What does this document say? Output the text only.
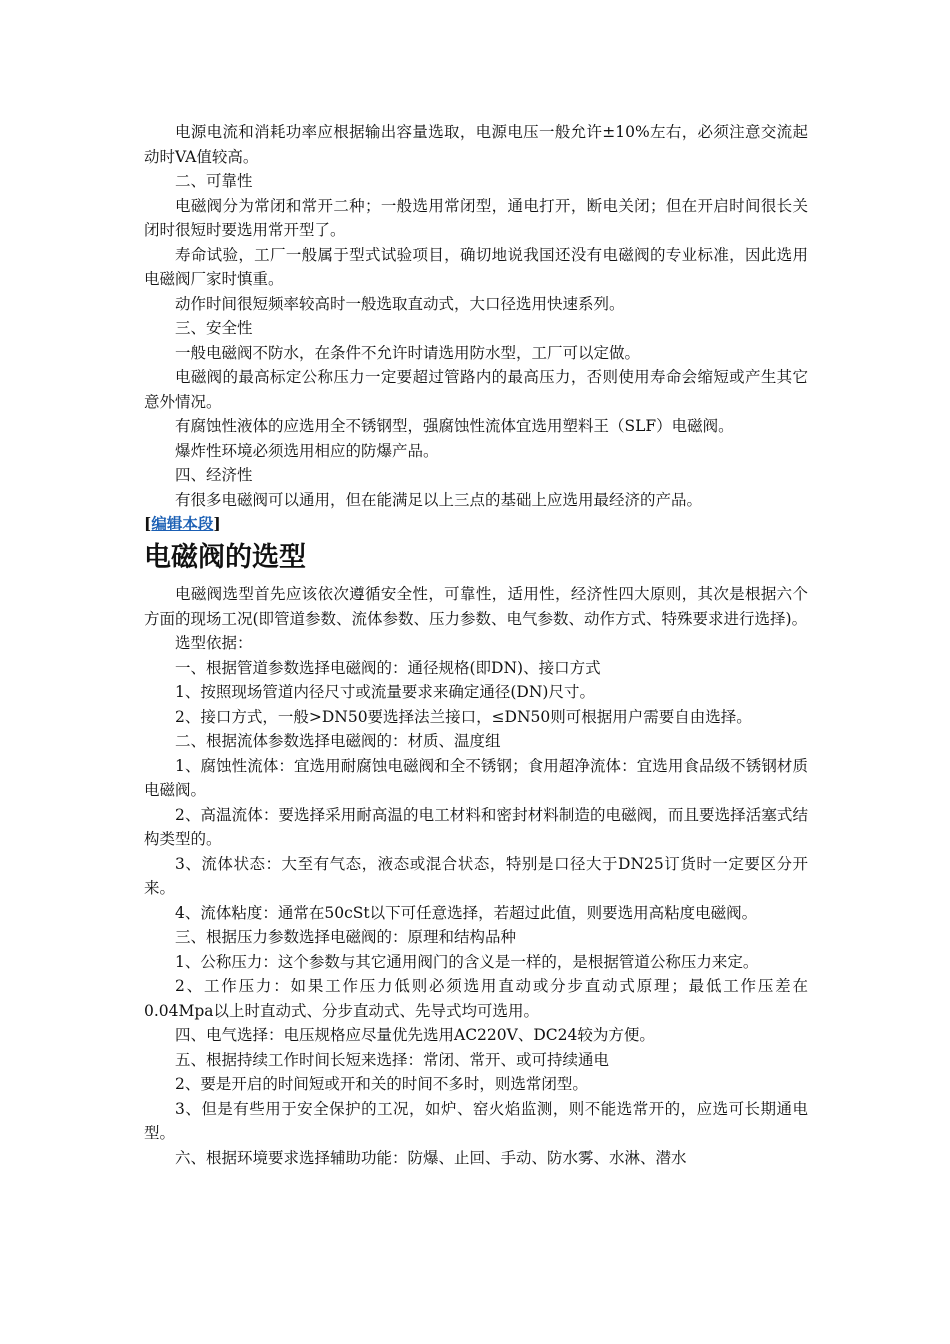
电源电流和消耗功率应根据输出容量选取，电源电压一般允许±10%左右，必须注意交流起动时VA值较高。

二、可靠性

电磁阀分为常闭和常开二种；一般选用常闭型，通电打开，断电关闭；但在开启时间很长关闭时很短时要选用常开型了。

寿命试验，工厂一般属于型式试验项目，确切地说我国还没有电磁阀的专业标准，因此选用电磁阀厂家时慎重。

动作时间很短频率较高时一般选取直动式，大口径选用快速系列。

三、安全性

一般电磁阀不防水，在条件不允许时请选用防水型，工厂可以定做。

电磁阀的最高标定公称压力一定要超过管路内的最高压力，否则使用寿命会缩短或产生其它意外情况。

有腐蚀性液体的应选用全不锈钢型，强腐蚀性流体宜选用塑料王（SLF）电磁阀。

爆炸性环境必须选用相应的防爆产品。

四、经济性

有很多电磁阀可以通用，但在能满足以上三点的基础上应选用最经济的产品。

[编辑本段]

电磁阀的选型

电磁阀选型首先应该依次遵循安全性，可靠性，适用性，经济性四大原则，其次是根据六个方面的现场工况(即管道参数、流体参数、压力参数、电气参数、动作方式、特殊要求进行选择)。

选型依据：

一、根据管道参数选择电磁阀的：通径规格(即DN)、接口方式

1、按照现场管道内径尺寸或流量要求来确定通径(DN)尺寸。

2、接口方式，一般>DN50要选择法兰接口，≤DN50则可根据用户需要自由选择。

二、根据流体参数选择电磁阀的：材质、温度组

1、腐蚀性流体：宜选用耐腐蚀电磁阀和全不锈钢；食用超净流体：宜选用食品级不锈钢材质电磁阀。

2、高温流体：要选择采用耐高温的电工材料和密封材料制造的电磁阀，而且要选择活塞式结构类型的。

3、流体状态：大至有气态，液态或混合状态，特别是口径大于DN25订货时一定要区分开来。

4、流体粘度：通常在50cSt以下可任意选择，若超过此值，则要选用高粘度电磁阀。

三、根据压力参数选择电磁阀的：原理和结构品种

1、公称压力：这个参数与其它通用阀门的含义是一样的，是根据管道公称压力来定。

2、工作压力：如果工作压力低则必须选用直动或分步直动式原理；最低工作压差在0.04Mpa以上时直动式、分步直动式、先导式均可选用。

四、电气选择：电压规格应尽量优先选用AC220V、DC24较为方便。

五、根据持续工作时间长短来选择：常闭、常开、或可持续通电

2、要是开启的时间短或开和关的时间不多时，则选常闭型。

3、但是有些用于安全保护的工况，如炉、窑火焰监测，则不能选常开的，应选可长期通电型。

六、根据环境要求选择辅助功能：防爆、止回、手动、防水雾、水淋、潜水
